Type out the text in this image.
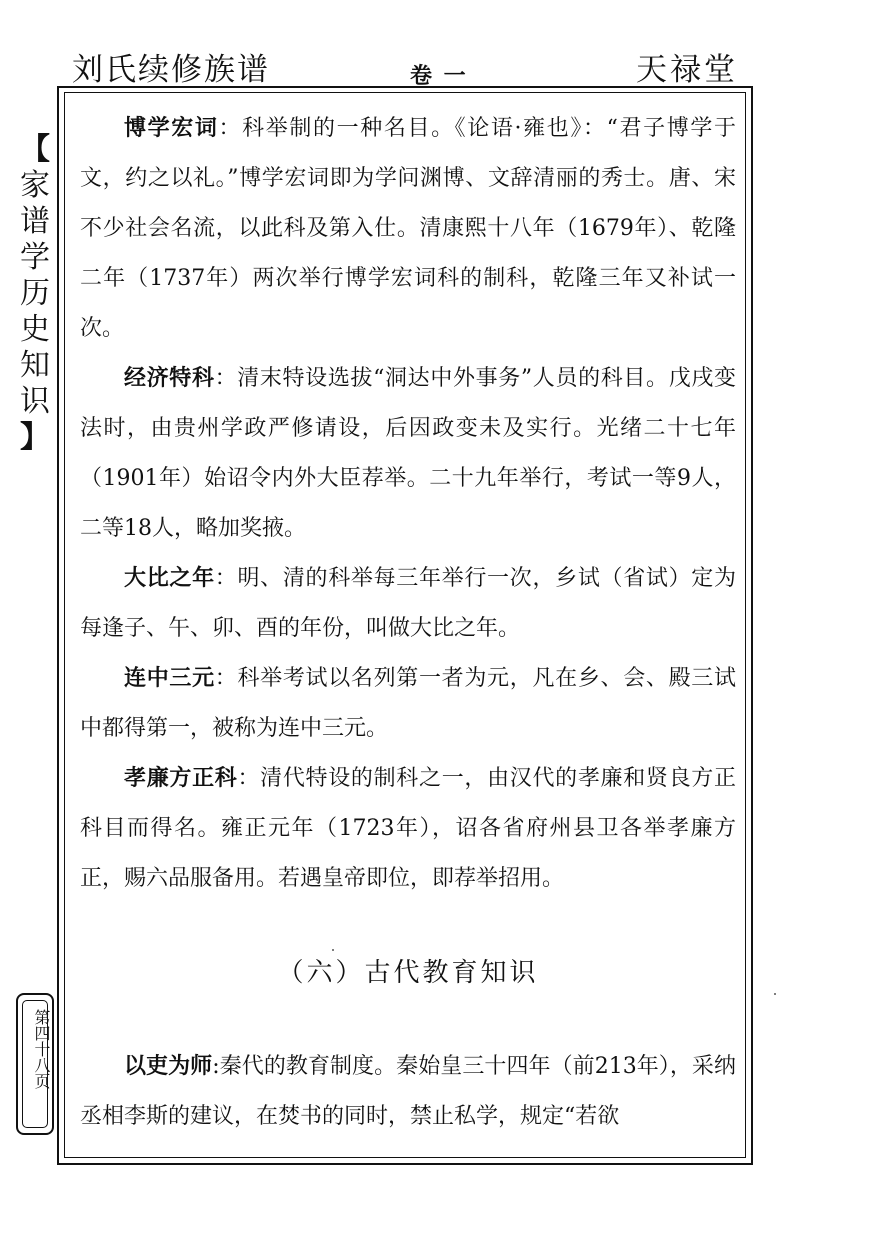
刘氏续修族谱	卷 一	天禄堂
【
家
谱
学
历
史
知
识
】
第四十八页

博学宏词：科举制的一种名目。《论语·雍也》：“君子博学于文，约之以礼。”博学宏词即为学问渊博、文辞清丽的秀士。唐、宋不少社会名流，以此科及第入仕。清康熙十八年（1679年）、乾隆二年（1737年）两次举行博学宏词科的制科，乾隆三年又补试一次。

经济特科：清末特设选拔“洞达中外事务”人员的科目。戊戌变法时，由贵州学政严修请设，后因政变未及实行。光绪二十七年（1901年）始诏令内外大臣荐举。二十九年举行，考试一等9人，二等18人，略加奖掖。

大比之年：明、清的科举每三年举行一次，乡试（省试）定为每逢子、午、卯、酉的年份，叫做大比之年。

连中三元：科举考试以名列第一者为元，凡在乡、会、殿三试中都得第一，被称为连中三元。

孝廉方正科：清代特设的制科之一，由汉代的孝廉和贤良方正科目而得名。雍正元年（1723年），诏各省府州县卫各举孝廉方正，赐六品服备用。若遇皇帝即位，即荐举招用。

（六）古代教育知识

以吏为师:秦代的教育制度。秦始皇三十四年（前213年），采纳丞相李斯的建议，在焚书的同时，禁止私学，规定“若欲
